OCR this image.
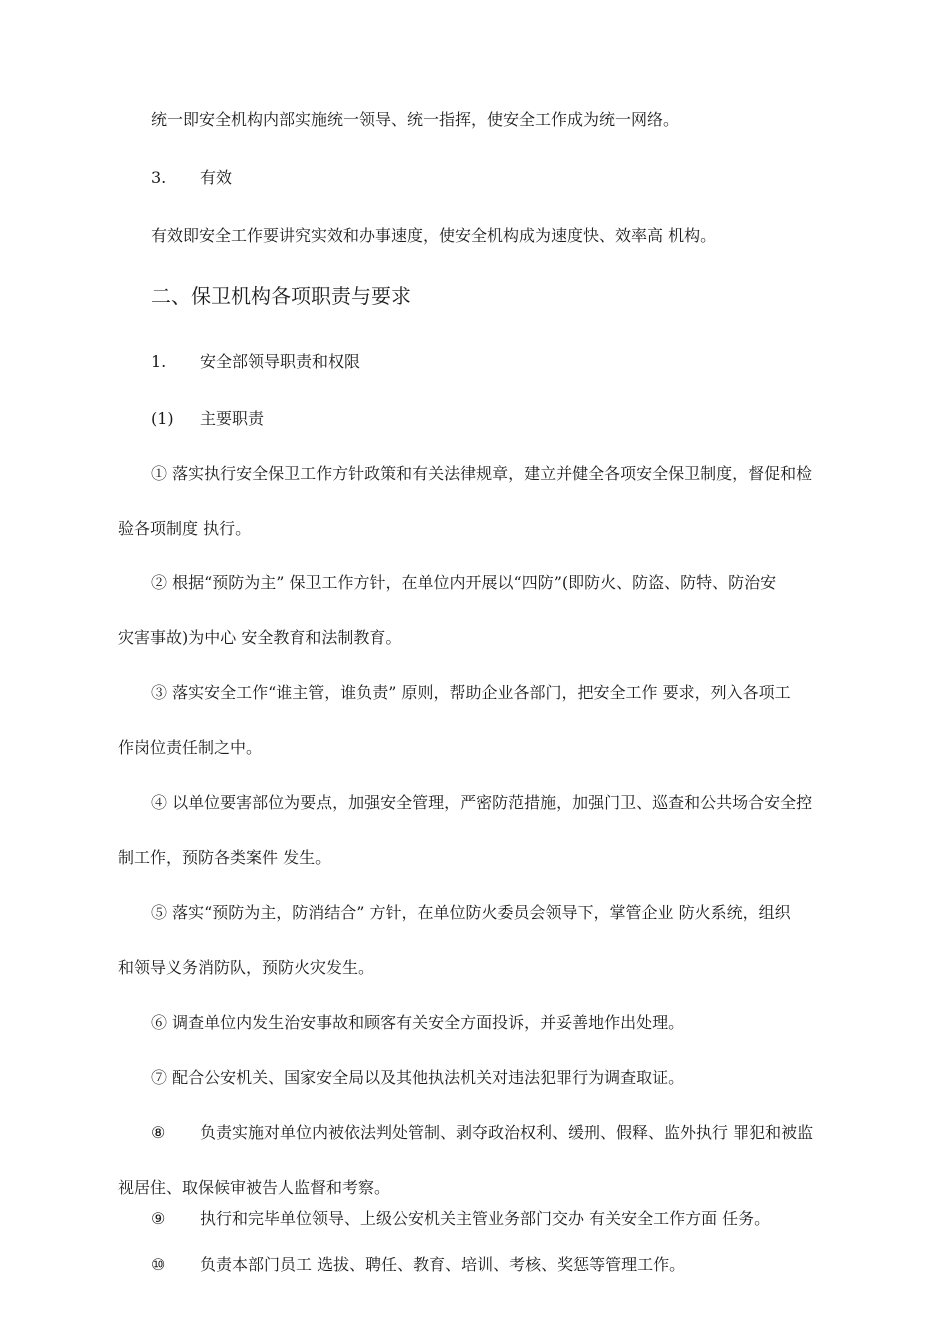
统一即安全机构内部实施统一领导、统一指挥，使安全工作成为统一网络。
3. 有效
有效即安全工作要讲究实效和办事速度，使安全机构成为速度快、效率高 机构。
二、保卫机构各项职责与要求
1. 安全部领导职责和权限
(1) 主要职责
① 落实执行安全保卫工作方针政策和有关法律规章，建立并健全各项安全保卫制度，督促和检
验各项制度 执行。
② 根据“预防为主” 保卫工作方针，在单位内开展以“四防”(即防火、防盗、防特、防治安
灾害事故)为中心 安全教育和法制教育。
③ 落实安全工作“谁主管，谁负责” 原则，帮助企业各部门，把安全工作 要求，列入各项工
作岗位责任制之中。
④ 以单位要害部位为要点，加强安全管理，严密防范措施，加强门卫、巡查和公共场合安全控
制工作，预防各类案件 发生。
⑤ 落实“预防为主，防消结合” 方针，在单位防火委员会领导下，掌管企业 防火系统，组织
和领导义务消防队，预防火灾发生。
⑥ 调查单位内发生治安事故和顾客有关安全方面投诉，并妥善地作出处理。
⑦ 配合公安机关、国家安全局以及其他执法机关对违法犯罪行为调查取证。
⑧ 负责实施对单位内被依法判处管制、剥夺政治权利、缓刑、假释、监外执行 罪犯和被监
视居住、取保候审被告人监督和考察。
⑨ 执行和完毕单位领导、上级公安机关主管业务部门交办 有关安全工作方面 任务。
⑩ 负责本部门员工 选拔、聘任、教育、培训、考核、奖惩等管理工作。
